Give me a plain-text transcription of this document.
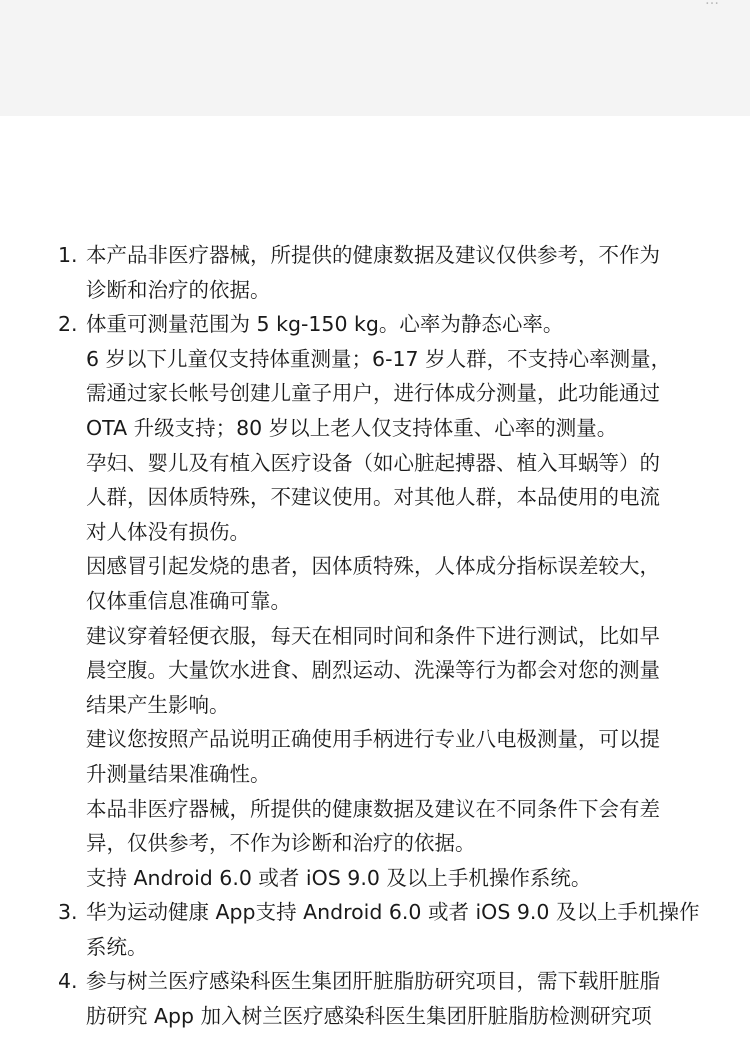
…
1. 本产品非医疗器械，所提供的健康数据及建议仅供参考，不作为
诊断和治疗的依据。
2. 体重可测量范围为 5 kg-150 kg。心率为静态心率。
6 岁以下儿童仅支持体重测量；6-17 岁人群，不支持心率测量，
需通过家长帐号创建儿童子用户，进行体成分测量，此功能通过
OTA 升级支持；80 岁以上老人仅支持体重、心率的测量。
孕妇、婴儿及有植入医疗设备（如心脏起搏器、植入耳蜗等）的
人群，因体质特殊，不建议使用。对其他人群，本品使用的电流
对人体没有损伤。
因感冒引起发烧的患者，因体质特殊，人体成分指标误差较大，
仅体重信息准确可靠。
建议穿着轻便衣服，每天在相同时间和条件下进行测试，比如早
晨空腹。大量饮水进食、剧烈运动、洗澡等行为都会对您的测量
结果产生影响。
建议您按照产品说明正确使用手柄进行专业八电极测量，可以提
升测量结果准确性。
本品非医疗器械，所提供的健康数据及建议在不同条件下会有差
异，仅供参考，不作为诊断和治疗的依据。
支持 Android 6.0 或者 iOS 9.0 及以上手机操作系统。
3. 华为运动健康 App支持 Android 6.0 或者 iOS 9.0 及以上手机操作
系统。
4. 参与树兰医疗感染科医生集团肝脏脂肪研究项目，需下载肝脏脂
肪研究 App 加入树兰医疗感染科医生集团肝脏脂肪检测研究项
